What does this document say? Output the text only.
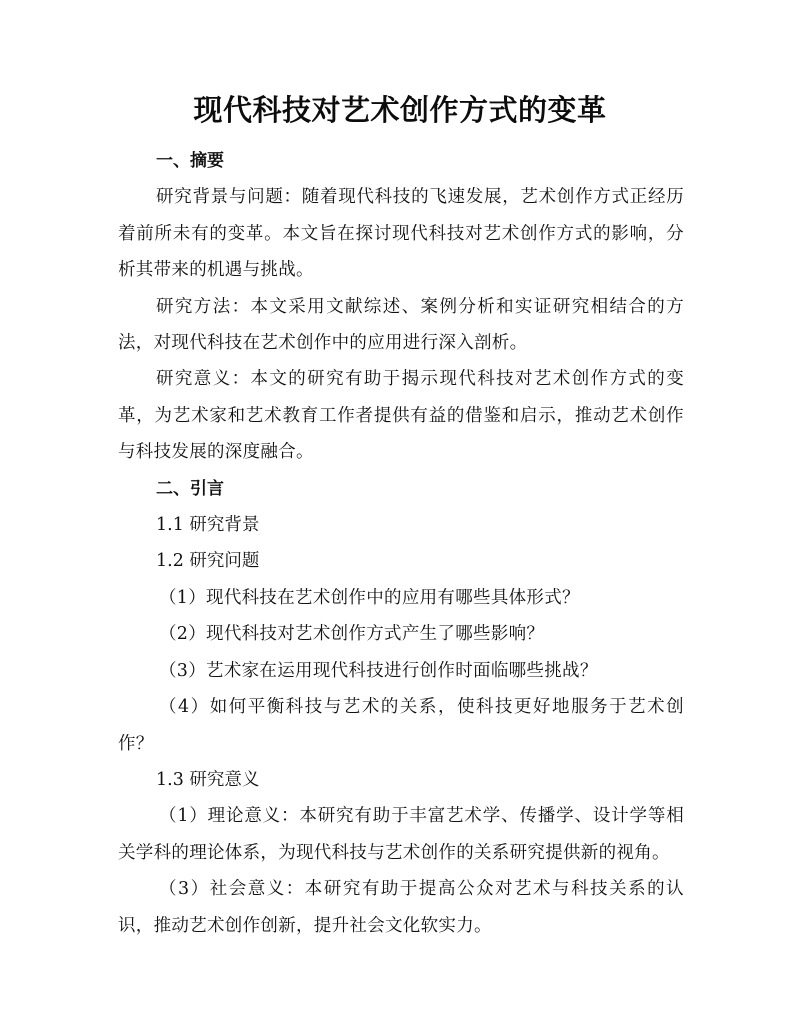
现代科技对艺术创作方式的变革
一、摘要
研究背景与问题：随着现代科技的飞速发展，艺术创作方式正经历着前所未有的变革。本文旨在探讨现代科技对艺术创作方式的影响，分析其带来的机遇与挑战。
研究方法：本文采用文献综述、案例分析和实证研究相结合的方法，对现代科技在艺术创作中的应用进行深入剖析。
研究意义：本文的研究有助于揭示现代科技对艺术创作方式的变革，为艺术家和艺术教育工作者提供有益的借鉴和启示，推动艺术创作与科技发展的深度融合。
二、引言
1.1 研究背景
1.2 研究问题
（1）现代科技在艺术创作中的应用有哪些具体形式？
（2）现代科技对艺术创作方式产生了哪些影响？
（3）艺术家在运用现代科技进行创作时面临哪些挑战？
（4）如何平衡科技与艺术的关系，使科技更好地服务于艺术创作？
1.3 研究意义
（1）理论意义：本研究有助于丰富艺术学、传播学、设计学等相关学科的理论体系，为现代科技与艺术创作的关系研究提供新的视角。
（3）社会意义：本研究有助于提高公众对艺术与科技关系的认识，推动艺术创作创新，提升社会文化软实力。
